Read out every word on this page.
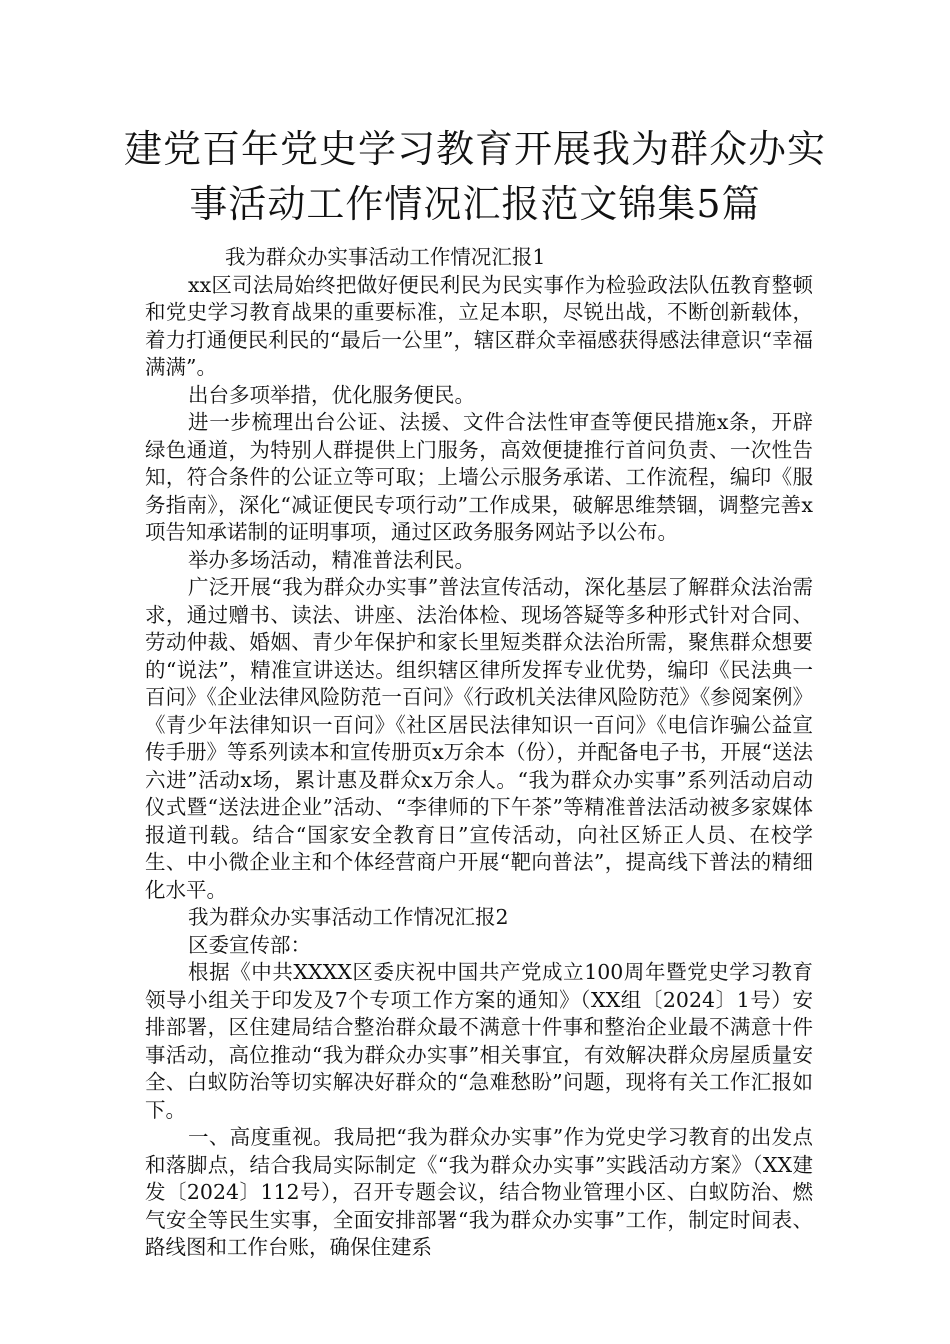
建党百年党史学习教育开展我为群众办实事活动工作情况汇报范文锦集5篇

我为群众办实事活动工作情况汇报1

xx区司法局始终把做好便民利民为民实事作为检验政法队伍教育整顿和党史学习教育战果的重要标准，立足本职，尽锐出战，不断创新载体，着力打通便民利民的“最后一公里”，辖区群众幸福感获得感法律意识“幸福满满”。

出台多项举措，优化服务便民。

进一步梳理出台公证、法援、文件合法性审查等便民措施x条，开辟绿色通道，为特别人群提供上门服务，高效便捷推行首问负责、一次性告知，符合条件的公证立等可取；上墙公示服务承诺、工作流程，编印《服务指南》，深化“减证便民专项行动”工作成果，破解思维禁锢，调整完善x项告知承诺制的证明事项，通过区政务服务网站予以公布。

举办多场活动，精准普法利民。

广泛开展“我为群众办实事”普法宣传活动，深化基层了解群众法治需求，通过赠书、读法、讲座、法治体检、现场答疑等多种形式针对合同、劳动仲裁、婚姻、青少年保护和家长里短类群众法治所需，聚焦群众想要的“说法”，精准宣讲送达。组织辖区律所发挥专业优势，编印《民法典一百问》《企业法律风险防范一百问》《行政机关法律风险防范》《参阅案例》《青少年法律知识一百问》《社区居民法律知识一百问》《电信诈骗公益宣传手册》等系列读本和宣传册页x万余本（份），并配备电子书，开展“送法六进”活动x场，累计惠及群众x万余人。“我为群众办实事”系列活动启动仪式暨“送法进企业”活动、“李律师的下午茶”等精准普法活动被多家媒体报道刊载。结合“国家安全教育日”宣传活动，向社区矫正人员、在校学生、中小微企业主和个体经营商户开展“靶向普法”，提高线下普法的精细化水平。

我为群众办实事活动工作情况汇报2

区委宣传部：

根据《中共XXXX区委庆祝中国共产党成立100周年暨党史学习教育领导小组关于印发及7个专项工作方案的通知》（XX组〔2024〕1号）安排部署，区住建局结合整治群众最不满意十件事和整治企业最不满意十件事活动，高位推动“我为群众办实事”相关事宜，有效解决群众房屋质量安全、白蚁防治等切实解决好群众的“急难愁盼”问题，现将有关工作汇报如下。

一、高度重视。我局把“我为群众办实事”作为党史学习教育的出发点和落脚点，结合我局实际制定《“我为群众办实事”实践活动方案》（XX建发〔2024〕112号），召开专题会议，结合物业管理小区、白蚁防治、燃气安全等民生实事，全面安排部署“我为群众办实事”工作，制定时间表、路线图和工作台账，确保住建系
